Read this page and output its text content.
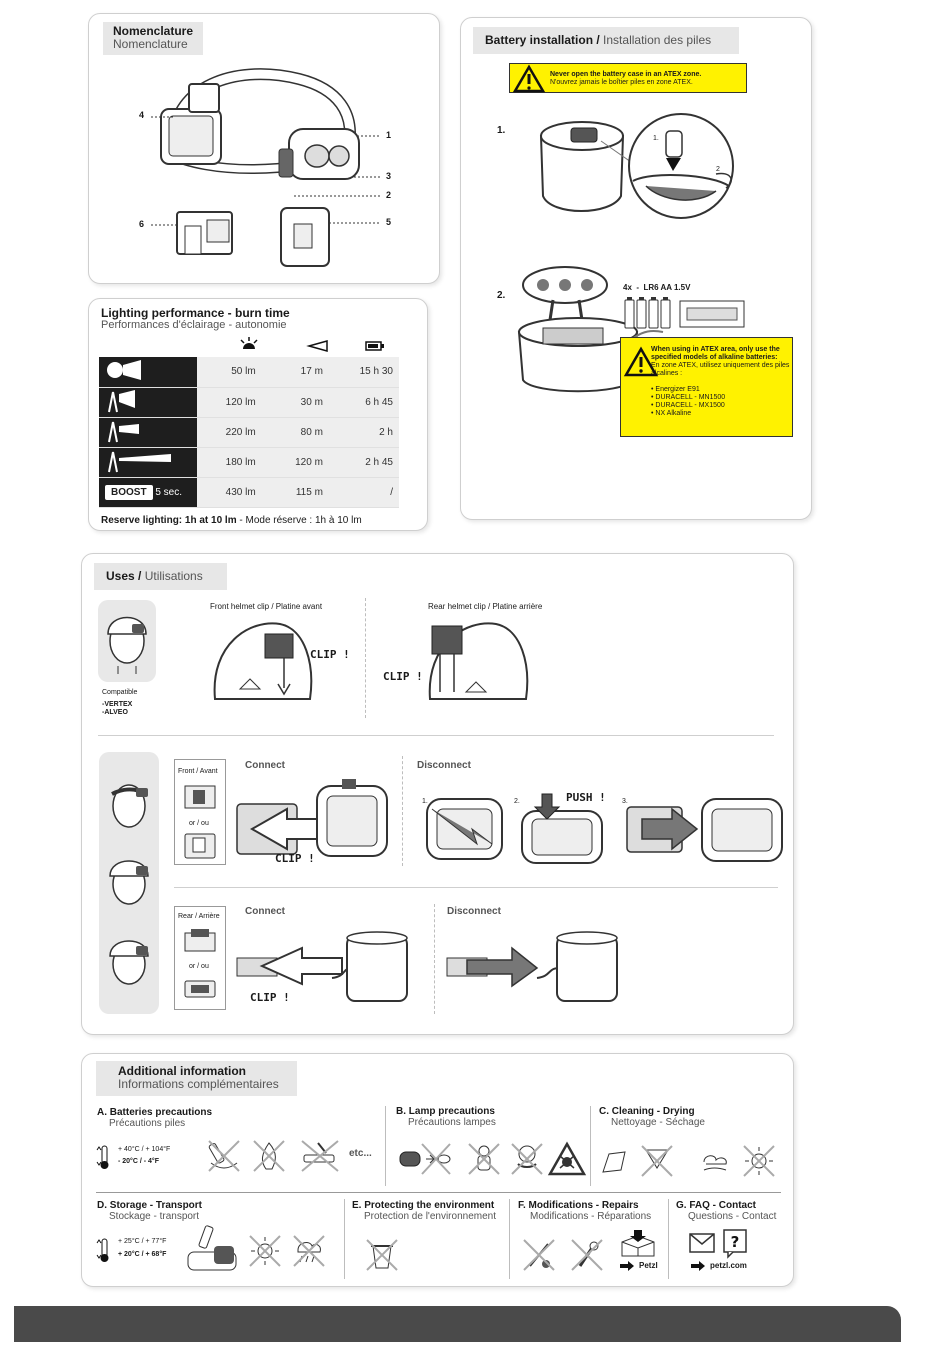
Nomenclature
Nomenclature
4
1
3
2
6	5
Lighting performance - burn time
Performances d'éclairage - autonomie
	50 lm	17 m	15 h 30
	120 lm	30 m	6 h 45
	220 lm	80 m	2 h
	180 lm	120 m	2 h 45
BOOST 5 sec.	430 lm	115 m	/
Reserve lighting: 1h at 10 lm - Mode réserve : 1h à 10 lm
Battery installation / Installation des piles
Never open the battery case in an ATEX zone.
N'ouvrez jamais le boîtier piles en zone ATEX.
1.
1.
2
2.
4x  -  LR6 AA 1.5V
When using in ATEX area, only use the specified models of alkaline batteries:
En zone ATEX, utilisez uniquement des piles alcalines :

• Energizer E91
• DURACELL - MN1500
• DURACELL - MX1500
• NX Alkaline
Uses / Utilisations
Compatible
-VERTEX
-ALVEO
Front helmet clip / Platine avant
CLIP !
Rear helmet clip / Platine arrière
CLIP !
Front / Avant
or / ou
Connect
CLIP !
Disconnect
1.	2.	PUSH ! 3.
Rear / Arrière
or / ou
Connect
CLIP !
Disconnect
Additional information
Informations complémentaires
A. Batteries precautions
Précautions piles
+ 40°C / + 104°F
- 20°C / - 4°F
etc...
B. Lamp precautions
Précautions lampes
C. Cleaning - Drying
Nettoyage - Séchage
D. Storage - Transport
Stockage - transport
+ 25°C / + 77°F
+ 20°C / + 68°F
E. Protecting the environment
Protection de l'environnement
F. Modifications - Repairs
Modifications - Réparations
Petzl
G. FAQ - Contact
Questions - Contact
?
petzl.com
